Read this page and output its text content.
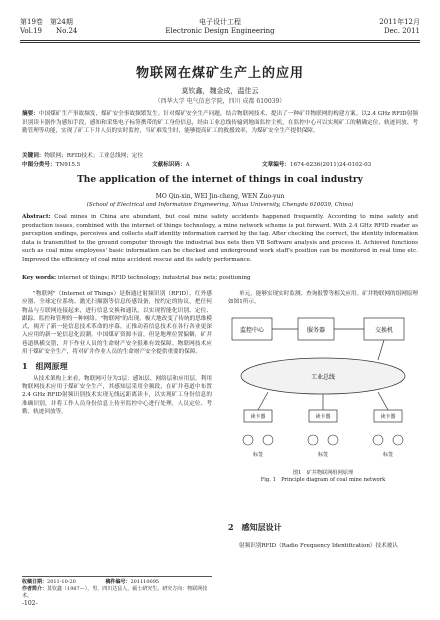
第19卷　第24期
Vol.19　　No.24
电子设计工程
Electronic Design Engineering
2011年12月
Dec. 2011
物联网在煤矿生产上的应用
莫钦鑫，魏金成，温佳云
（西华大学 电气信息学院，四川 成都 610039）
摘要：中国煤矿生产事故频发，煤矿安全事故频繁发生。针对煤矿安全生产问题，结合物联网技术，提出了一种矿井物联网的构建方案。以2.4 GHz RFID射频识别读卡器作为感知手段，感知和采集电子标签携带的矿工身份信息，经由工业总线传输到地面监控主机，在监控中心可以实现矿工的精确定位、轨迹回放、考勤管理等功能，实现了矿工下井人员的实时监控，当矿难发生时，能够提高矿工的救援效率，为煤矿安全生产提供保障。
关键词：物联网；RFID技术；工业总线网；定位
中图分类号：TN915.5	文献标识码：A	文章编号：1674-6236(2011)24-0102-03
The application of the internet of things in coal industry
MO Qin-xin, WEI Jin-cheng, WEN Zuo-yun
(School of Electrical and Information Engineering, Xihua University, Chengdu 610039, China)
Abstract: Coal mines in China are abundant, but coal mine safety accidents happened frequently. According to mine safety and production issues, combined with the internet of things technology, a mine network scheme is put forward. With 2.4 GHz RFID reader as perception endings, perceives and collects staff identity information carried by the tag. After checking the correct, the identity information data is transmitted to the ground computer through the industrial bus nets then VB Software analysis and process it. Achieved functions such as coal mine employees' basic information can be checked and underground work staff's position can be monitored in real time etc. Improved the efficiency of coal mine accident rescue and its safety performance.
Key words: internet of things; RFID technology; industrial bus nets; positioning

"物联网"（Internet of Things）是指通过射频识别（RFID）、红外感应器、全球定位系统、激光扫描器等信息传感设备，按约定的协议，把任何物品与互联网连接起来，进行信息交换和通讯，以实现智能化识别、定位、跟踪、监控和管理的一种网络。"物联网"的出现，极大地改变了传统的思维模式，揭开了新一轮信息技术革命的序幕，正推动着信息技术在各行各业更深入应用的新一轮信息化浪潮。中国煤矿资源丰富，但是地理位置偏僻，矿井巷道纵横交错，井下作业人员的生命财产安全很难有效保障。物联网技术应用于煤矿安全生产，将对矿井作业人员的生命财产安全提供重要的保障。

1　组网原理

从技术架构上来看，物联网可分为3层：感知层、网络层和应用层。利用物联网技术应用于煤矿安全生产，其感知层采用全频段，在矿井巷道中布置2.4 GHz RFID射频识别技术实现无线远距离读卡，以实现矿工身份信息的准确识别，并将工作人员身份信息上传至监控中心进行处理，人员定位、考勤、轨迹回放等。

单元，能够实现实时监测、查询报警等相关应用。矿井物联网的组网原理如图1所示。

监控中心	服务器	交换机
工业总线
读卡器	读卡器	读卡器
标签	标签	标签
图1　矿井物联网组网原理
Fig. 1　Principle diagram of coal mine network
2　感知层设计
射频识别RFID（Radio Frequency Identification）技术被认
收稿日期：2011-10-20	稿件编号：201110095
作者简介：莫钦鑫（1987—），男，四川达县人，硕士研究生。研究方向：物联网技术。
-102-
